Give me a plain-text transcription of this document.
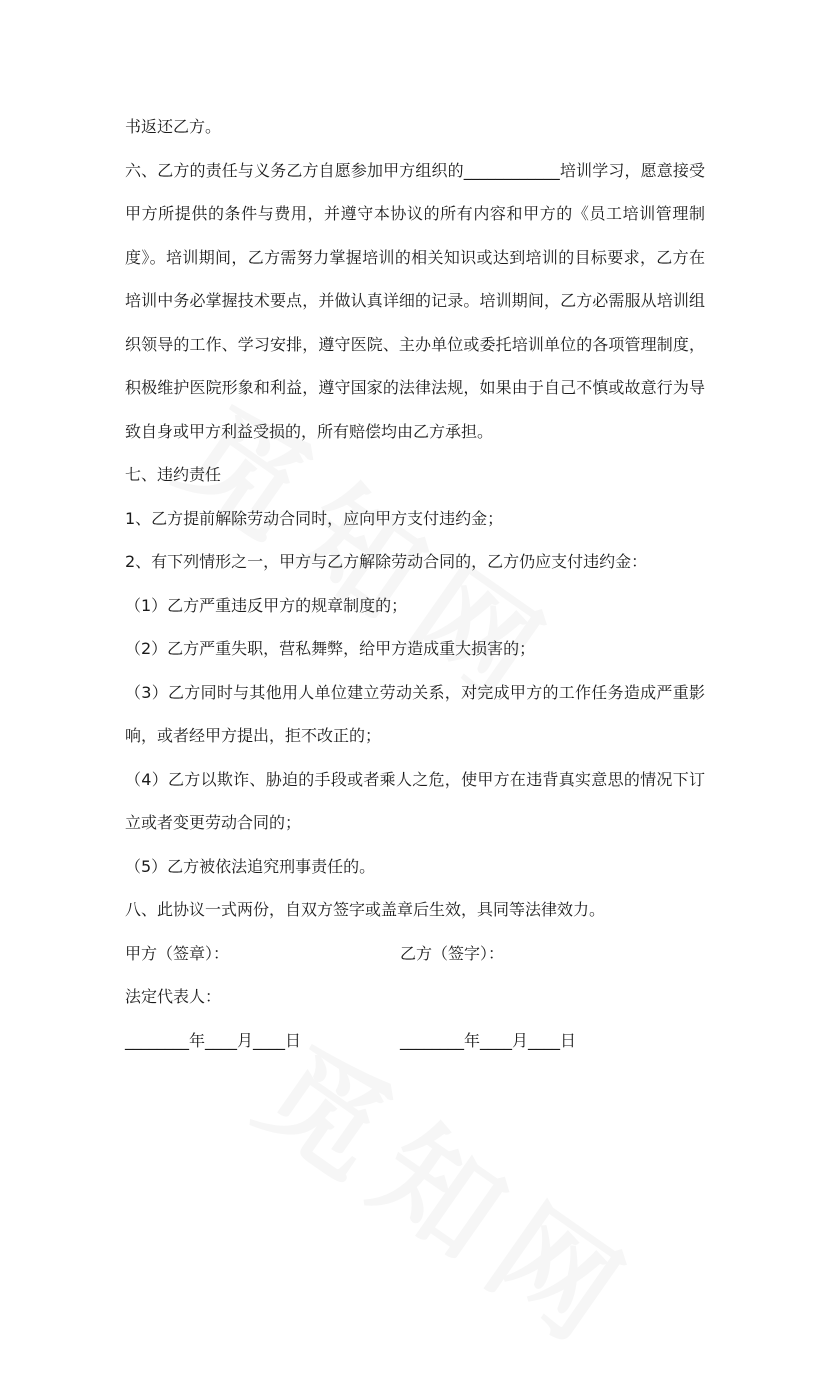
书返还乙方。

六、乙方的责任与义务乙方自愿参加甲方组织的____________培训学习，愿意接受甲方所提供的条件与费用，并遵守本协议的所有内容和甲方的《员工培训管理制度》。培训期间，乙方需努力掌握培训的相关知识或达到培训的目标要求，乙方在培训中务必掌握技术要点，并做认真详细的记录。培训期间，乙方必需服从培训组织领导的工作、学习安排，遵守医院、主办单位或委托培训单位的各项管理制度，积极维护医院形象和利益，遵守国家的法律法规，如果由于自己不慎或故意行为导致自身或甲方利益受损的，所有赔偿均由乙方承担。

七、违约责任

1、乙方提前解除劳动合同时，应向甲方支付违约金；

2、有下列情形之一，甲方与乙方解除劳动合同的，乙方仍应支付违约金：

（1）乙方严重违反甲方的规章制度的；

（2）乙方严重失职，营私舞弊，给甲方造成重大损害的；

（3）乙方同时与其他用人单位建立劳动关系，对完成甲方的工作任务造成严重影响，或者经甲方提出，拒不改正的；

（4）乙方以欺诈、胁迫的手段或者乘人之危，使甲方在违背真实意思的情况下订立或者变更劳动合同的；

（5）乙方被依法追究刑事责任的。

八、此协议一式两份，自双方签字或盖章后生效，具同等法律效力。

甲方（签章）：	乙方（签字）：
法定代表人：
________年____月____日	________年____月____日
